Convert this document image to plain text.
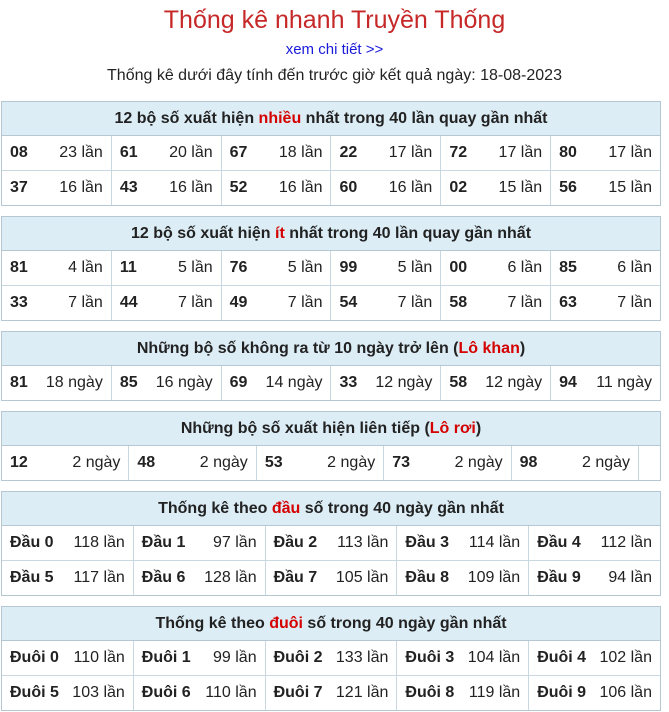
Thống kê nhanh Truyền Thống
xem chi tiết >>
Thống kê dưới đây tính đến trước giờ kết quả ngày: 18-08-2023
12 bộ số xuất hiện nhiều nhất trong 40 lần quay gần nhất
08 23 lần 61 20 lần 67 18 lần 22 17 lần 72 17 lần 80 17 lần
37 16 lần 43 16 lần 52 16 lần 60 16 lần 02 15 lần 56 15 lần
12 bộ số xuất hiện ít nhất trong 40 lần quay gần nhất
81	4 lần 11	5 lần 76	5 lần 99	5 lần 00	6 lần 85	6 lần
33	7 lần 44	7 lần 49	7 lần 54	7 lần 58	7 lần 63	7 lần
Những bộ số không ra từ 10 ngày trở lên (Lô khan)
81 18 ngày 85 16 ngày 69 14 ngày 33 12 ngày 58 12 ngày 94 11 ngày
Những bộ số xuất hiện liên tiếp (Lô rơi)
12	2 ngày 48	2 ngày 53	2 ngày 73	2 ngày 98	2 ngày
Thống kê theo đầu số trong 40 ngày gần nhất
Đầu 0 118 lần Đầu 1 97 lần Đầu 2 113 lần Đầu 3 114 lần Đầu 4 112 lần
Đầu 5 117 lần Đầu 6 128 lần Đầu 7 105 lần Đầu 8 109 lần Đầu 9 94 lần
Thống kê theo đuôi số trong 40 ngày gần nhất
Đuôi 0 110 lần Đuôi 1 99 lần Đuôi 2 133 lần Đuôi 3 104 lần Đuôi 4 102 lần
Đuôi 5 103 lần Đuôi 6 110 lần Đuôi 7 121 lần Đuôi 8 119 lần Đuôi 9 106 lần
